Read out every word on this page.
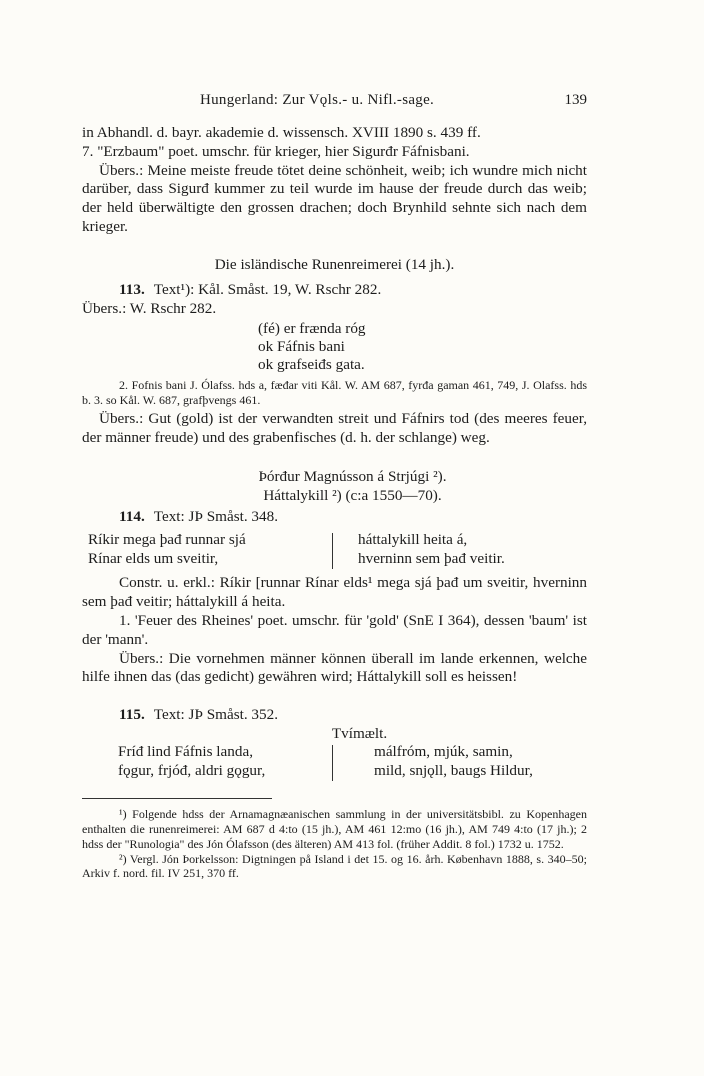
Hungerland: Zur Vǫls.- u. Nifl.-sage.	139

in Abhandl. d. bayr. akademie d. wissensch. XVIII 1890 s. 439 ff.

7. "Erzbaum" poet. umschr. für krieger, hier Sigurđr Fáfnisbani.

Übers.: Meine meiste freude tötet deine schönheit, weib; ich wundre mich nicht darüber, dass Sigurđ kummer zu teil wurde im hause der freude durch das weib; der held überwältigte den grossen drachen; doch Brynhild sehnte sich nach dem krieger.

Die isländische Runenreimerei (14 jh.).

113. Text¹): Kål. Småst. 19, W. Rschr 282.

Übers.: W. Rschr 282.

(fé) er frænda róg

ok Fáfnis bani

ok grafseiđs gata.

2. Fofnis bani J. Ólafss. hds a, fæđar viti Kål. W. AM 687, fyrđa gaman 461, 749, J. Olafss. hds b. 3. so Kål. W. 687, grafþvengs 461.

Übers.: Gut (gold) ist der verwandten streit und Fáfnirs tod (des meeres feuer, der männer freude) und des grabenfisches (d. h. der schlange) weg.

Þórđur Magnússon á Strjúgi ²).

Háttalykill ²) (c:a 1550—70).

114. Text: JÞ Småst. 348.

Ríkir mega þađ runnar sjá
Rínar elds um sveitir,
háttalykill heita á,
hverninn sem þađ veitir.

Constr. u. erkl.: Ríkir [runnar Rínar elds¹ mega sjá þađ um sveitir, hverninn sem þađ veitir; háttalykill á heita.

1. 'Feuer des Rheines' poet. umschr. für 'gold' (SnE I 364), dessen 'baum' ist der 'mann'.

Übers.: Die vornehmen männer können überall im lande erkennen, welche hilfe ihnen das (das gedicht) gewähren wird; Háttalykill soll es heissen!

115. Text: JÞ Småst. 352.

Tvímælt.

Fríđ lind Fáfnis landa,
fǫgur, frjóđ, aldri gǫgur,
málfróm, mjúk, samin,
mild, snjǫll, baugs Hildur,

¹) Folgende hdss der Arnamagnæanischen sammlung in der universitätsbibl. zu Kopenhagen enthalten die runenreimerei: AM 687 d 4:to (15 jh.), AM 461 12:mo (16 jh.), AM 749 4:to (17 jh.); 2 hdss der "Runologia" des Jón Ólafsson (des älteren) AM 413 fol. (früher Addit. 8 fol.) 1732 u. 1752.

²) Vergl. Jón Þorkelsson: Digtningen på Island i det 15. og 16. årh. København 1888, s. 340–50; Arkiv f. nord. fil. IV 251, 370 ff.
